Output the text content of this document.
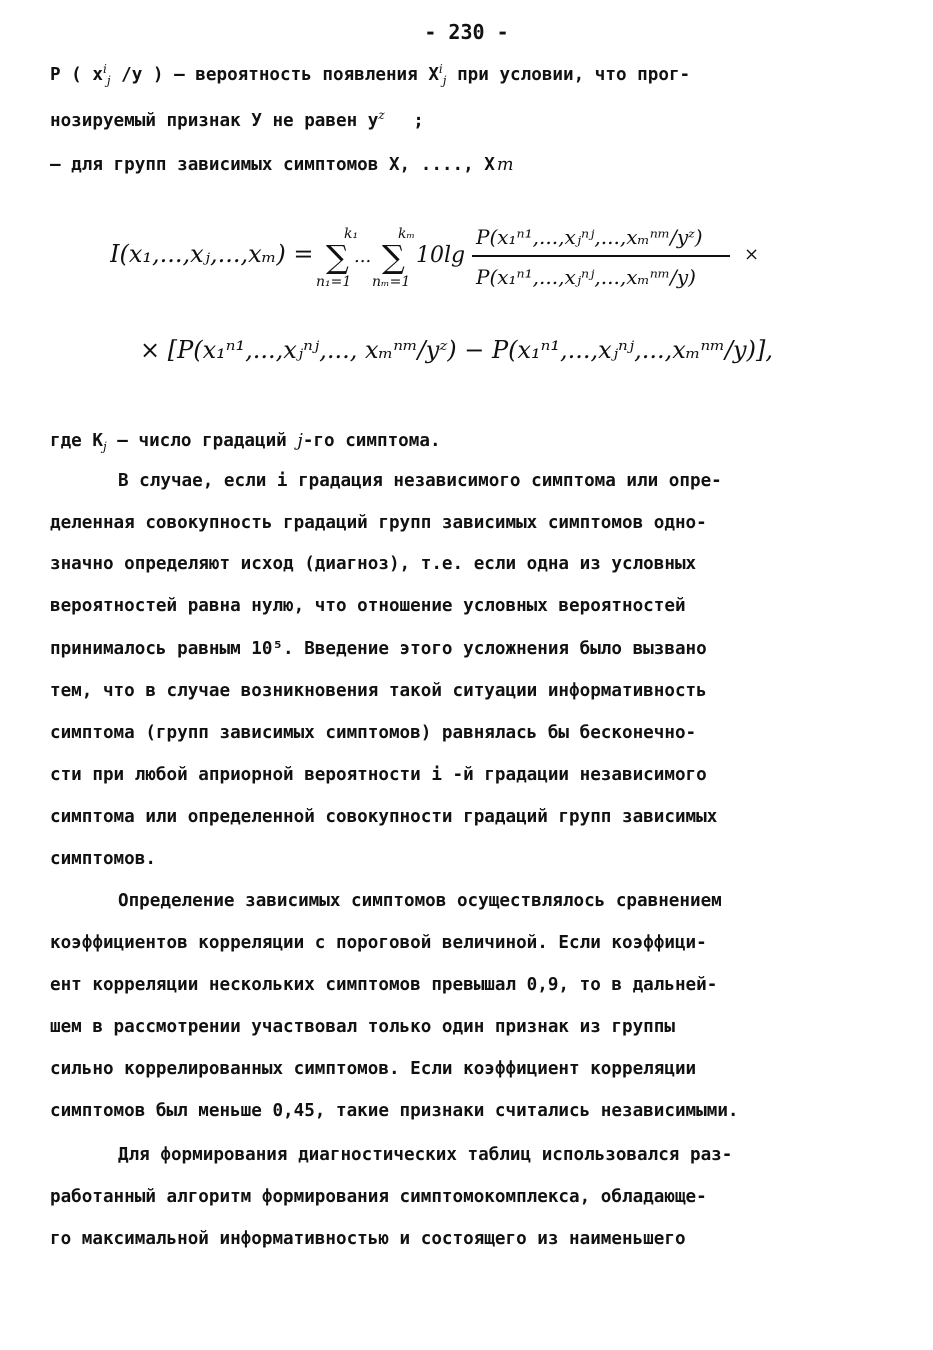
- 230 -
P ( $x^i_j$ /y ) – вероятность появления $X^i_j$ при условии, что прог-
нозируемый признак У не равен $y^z$ ;
– для групп зависимых симптомов X, ...., X m
I(x₁,...,xⱼ,...,xₘ) =
k₁
∑
n₁=1
...
kₘ
∑
nₘ=1
10lg
P(x₁ⁿ¹,...,xⱼⁿʲ,...,xₘⁿᵐ/yᶻ)
P(x₁ⁿ¹,...,xⱼⁿʲ,...,xₘⁿᵐ/y)
×
× [P(x₁ⁿ¹,...,xⱼⁿʲ,..., xₘⁿᵐ/yᶻ) − P(x₁ⁿ¹,...,xⱼⁿʲ,...,xₘⁿᵐ/y)],
где $K_j$ – число градаций j-го симптома.
В случае, если i градация независимого симптома или опре-
деленная совокупность градаций групп зависимых симптомов одно-
значно определяют исход (диагноз), т.е. если одна из условных
вероятностей равна нулю, что отношение условных вероятностей
принималось равным 10⁵. Введение этого усложнения было вызвано
тем, что в случае возникновения такой ситуации информативность
симптома (групп зависимых симптомов) равнялась бы бесконечно-
сти при любой априорной вероятности i -й градации независимого
симптома или определенной совокупности градаций групп зависимых
симптомов.
Определение зависимых симптомов осуществлялось сравнением
коэффициентов корреляции с пороговой величиной. Если коэффици-
ент корреляции нескольких симптомов превышал 0,9, то в дальней-
шем в рассмотрении участвовал только один признак из группы
сильно коррелированных симптомов. Если коэффициент корреляции
симптомов был меньше 0,45, такие признаки считались независимыми.
Для формирования диагностических таблиц использовался раз-
работанный алгоритм формирования симптомокомплекса, обладающе-
го максимальной информативностью и состоящего из наименьшего
